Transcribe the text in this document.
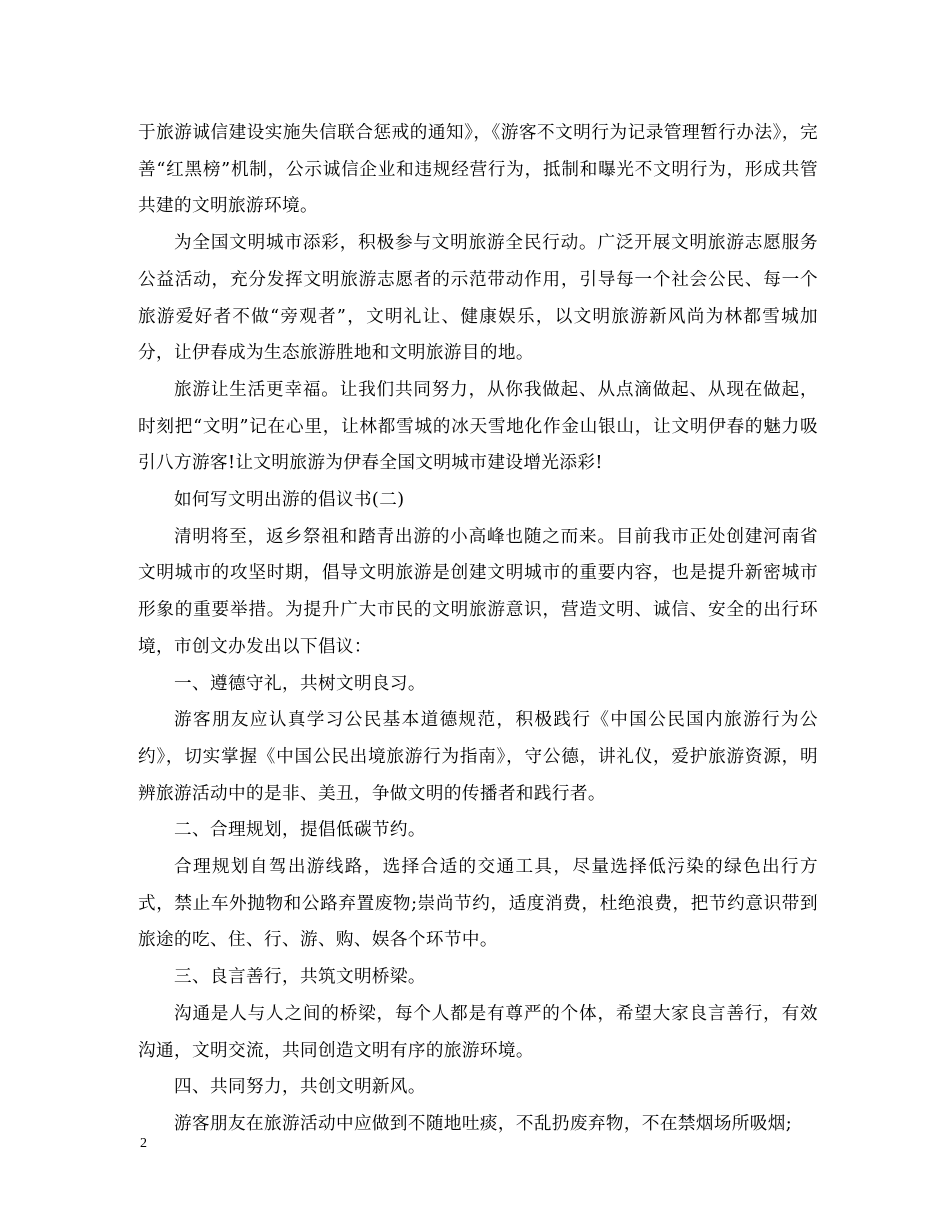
于旅游诚信建设实施失信联合惩戒的通知》，《游客不文明行为记录管理暂行办法》，完善“红黑榜”机制，公示诚信企业和违规经营行为，抵制和曝光不文明行为，形成共管共建的文明旅游环境。

为全国文明城市添彩，积极参与文明旅游全民行动。广泛开展文明旅游志愿服务公益活动，充分发挥文明旅游志愿者的示范带动作用，引导每一个社会公民、每一个旅游爱好者不做“旁观者”，文明礼让、健康娱乐，以文明旅游新风尚为林都雪城加分，让伊春成为生态旅游胜地和文明旅游目的地。

旅游让生活更幸福。让我们共同努力，从你我做起、从点滴做起、从现在做起，时刻把“文明”记在心里，让林都雪城的冰天雪地化作金山银山，让文明伊春的魅力吸引八方游客!让文明旅游为伊春全国文明城市建设增光添彩!

如何写文明出游的倡议书(二)

清明将至，返乡祭祖和踏青出游的小高峰也随之而来。目前我市正处创建河南省文明城市的攻坚时期，倡导文明旅游是创建文明城市的重要内容，也是提升新密城市形象的重要举措。为提升广大市民的文明旅游意识，营造文明、诚信、安全的出行环境，市创文办发出以下倡议：

一、遵德守礼，共树文明良习。

游客朋友应认真学习公民基本道德规范，积极践行《中国公民国内旅游行为公约》，切实掌握《中国公民出境旅游行为指南》，守公德，讲礼仪，爱护旅游资源，明辨旅游活动中的是非、美丑，争做文明的传播者和践行者。

二、合理规划，提倡低碳节约。

合理规划自驾出游线路，选择合适的交通工具，尽量选择低污染的绿色出行方式，禁止车外抛物和公路弃置废物;崇尚节约，适度消费，杜绝浪费，把节约意识带到旅途的吃、住、行、游、购、娱各个环节中。

三、良言善行，共筑文明桥梁。

沟通是人与人之间的桥梁，每个人都是有尊严的个体，希望大家良言善行，有效沟通，文明交流，共同创造文明有序的旅游环境。

四、共同努力，共创文明新风。

游客朋友在旅游活动中应做到不随地吐痰，不乱扔废弃物，不在禁烟场所吸烟;

2
